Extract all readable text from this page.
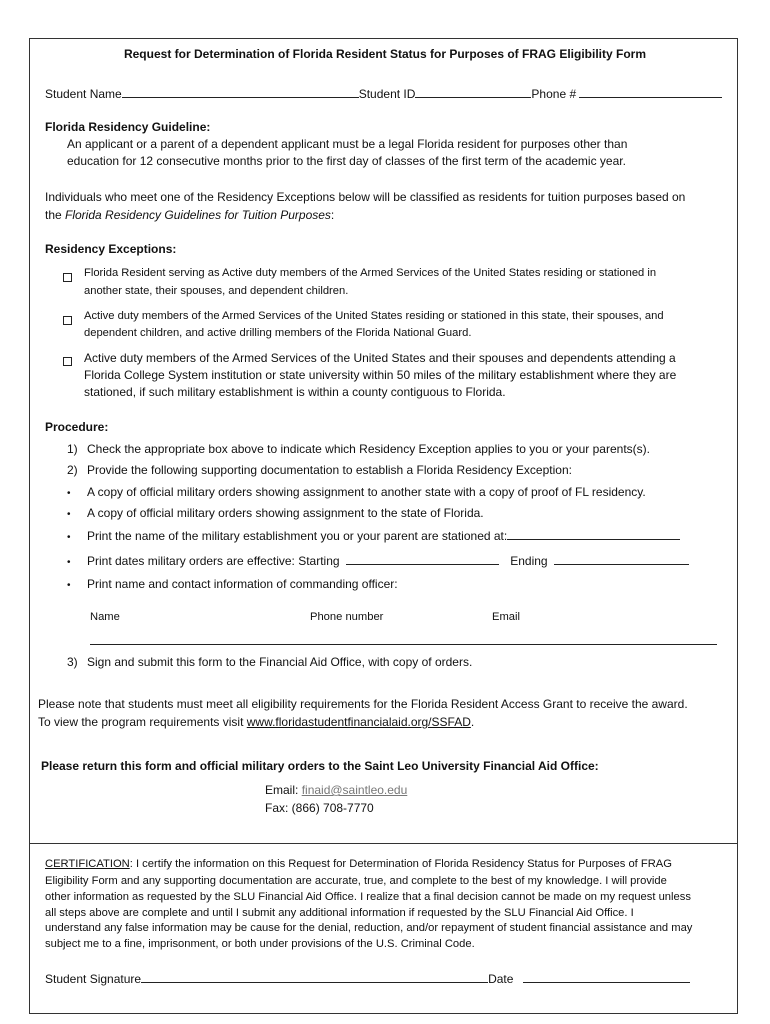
Request for Determination of Florida Resident Status for Purposes of FRAG Eligibility Form
Student Name	Student ID	Phone #
Florida Residency Guideline:
An applicant or a parent of a dependent applicant must be a legal Florida resident for purposes other than
education for 12 consecutive months prior to the first day of classes of the first term of the academic year.
Individuals who meet one of the Residency Exceptions below will be classified as residents for tuition purposes based on
the Florida Residency Guidelines for Tuition Purposes:
Residency Exceptions:
Florida Resident serving as Active duty members of the Armed Services of the United States residing or stationed in
another state, their spouses, and dependent children.
Active duty members of the Armed Services of the United States residing or stationed in this state, their spouses, and
dependent children, and active drilling members of the Florida National Guard.
Active duty members of the Armed Services of the United States and their spouses and dependents attending a
Florida College System institution or state university within 50 miles of the military establishment where they are
stationed, if such military establishment is within a county contiguous to Florida.
Procedure:
1) Check the appropriate box above to indicate which Residency Exception applies to you or your parents(s).
2) Provide the following supporting documentation to establish a Florida Residency Exception:
• A copy of official military orders showing assignment to another state with a copy of proof of FL residency.
• A copy of official military orders showing assignment to the state of Florida.
• Print the name of the military establishment you or your parent are stationed at:
• Print dates military orders are effective: Starting	Ending
• Print name and contact information of commanding officer:
Name	Phone number	Email
3) Sign and submit this form to the Financial Aid Office, with copy of orders.
Please note that students must meet all eligibility requirements for the Florida Resident Access Grant to receive the award.
To view the program requirements visit www.floridastudentfinancialaid.org/SSFAD.
Please return this form and official military orders to the Saint Leo University Financial Aid Office:
Email: finaid@saintleo.edu
Fax: (866) 708-7770
CERTIFICATION: I certify the information on this Request for Determination of Florida Residency Status for Purposes of FRAG
Eligibility Form and any supporting documentation are accurate, true, and complete to the best of my knowledge. I will provide
other information as requested by the SLU Financial Aid Office. I realize that a final decision cannot be made on my request unless
all steps above are complete and until I submit any additional information if requested by the SLU Financial Aid Office. I
understand any false information may be cause for the denial, reduction, and/or repayment of student financial assistance and may
subject me to a fine, imprisonment, or both under provisions of the U.S. Criminal Code.
Student Signature	Date
